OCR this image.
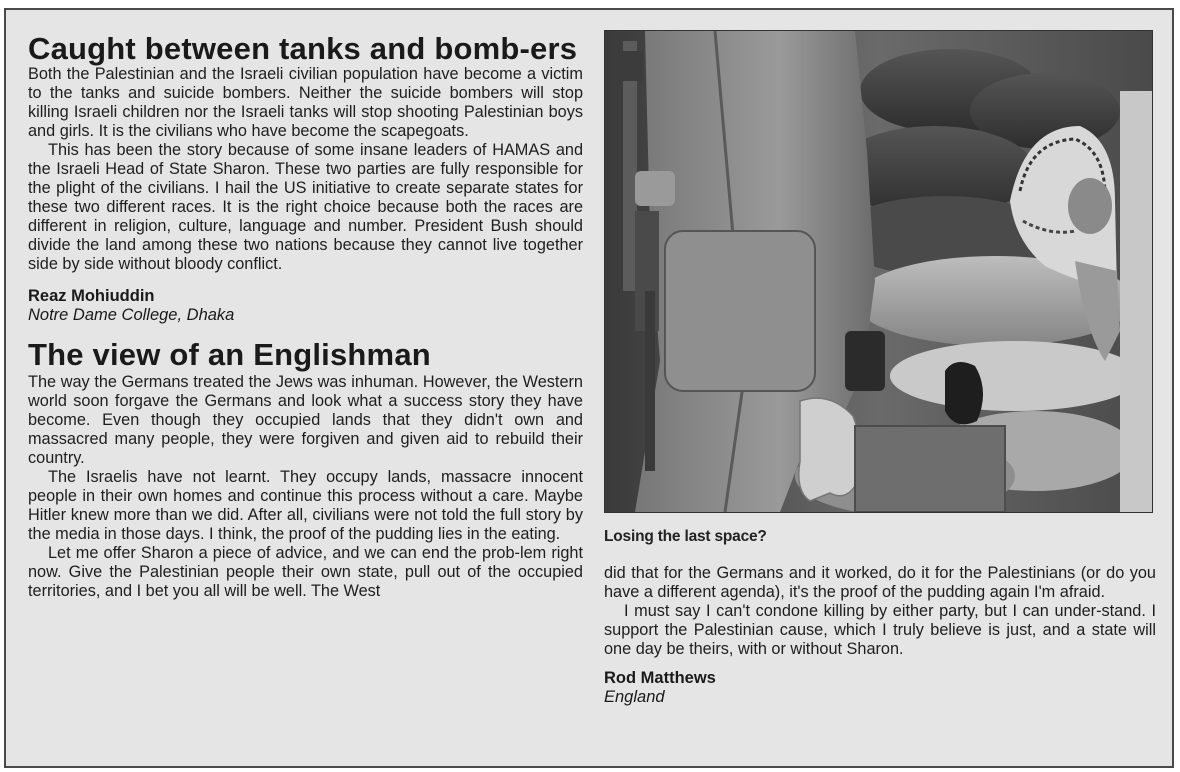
Caught between tanks and bomb-ers

Both the Palestinian and the Israeli civilian population have become a victim to the tanks and suicide bombers. Neither the suicide bombers will stop killing Israeli children nor the Israeli tanks will stop shooting Palestinian boys and girls. It is the civilians who have become the scapegoats.

This has been the story because of some insane leaders of HAMAS and the Israeli Head of State Sharon. These two parties are fully responsible for the plight of the civilians. I hail the US initiative to create separate states for these two different races. It is the right choice because both the races are different in religion, culture, language and number. President Bush should divide the land among these two nations because they cannot live together side by side without bloody conflict.

Reaz Mohiuddin
Notre Dame College, Dhaka
The view of an Englishman

The way the Germans treated the Jews was inhuman. However, the Western world soon forgave the Germans and look what a success story they have become. Even though they occupied lands that they didn't own and massacred many people, they were forgiven and given aid to rebuild their country.

The Israelis have not learnt. They occupy lands, massacre innocent people in their own homes and continue this process without a care. Maybe Hitler knew more than we did. After all, civilians were not told the full story by the media in those days. I think, the proof of the pudding lies in the eating.

Let me offer Sharon a piece of advice, and we can end the prob-lem right now. Give the Palestinian people their own state, pull out of the occupied territories, and I bet you all will be well. The West

Losing the last space?

did that for the Germans and it worked, do it for the Palestinians (or do you have a different agenda), it's the proof of the pudding again I'm afraid.

I must say I can't condone killing by either party, but I can under-stand. I support the Palestinian cause, which I truly believe is just, and a state will one day be theirs, with or without Sharon.

Rod Matthews
England
